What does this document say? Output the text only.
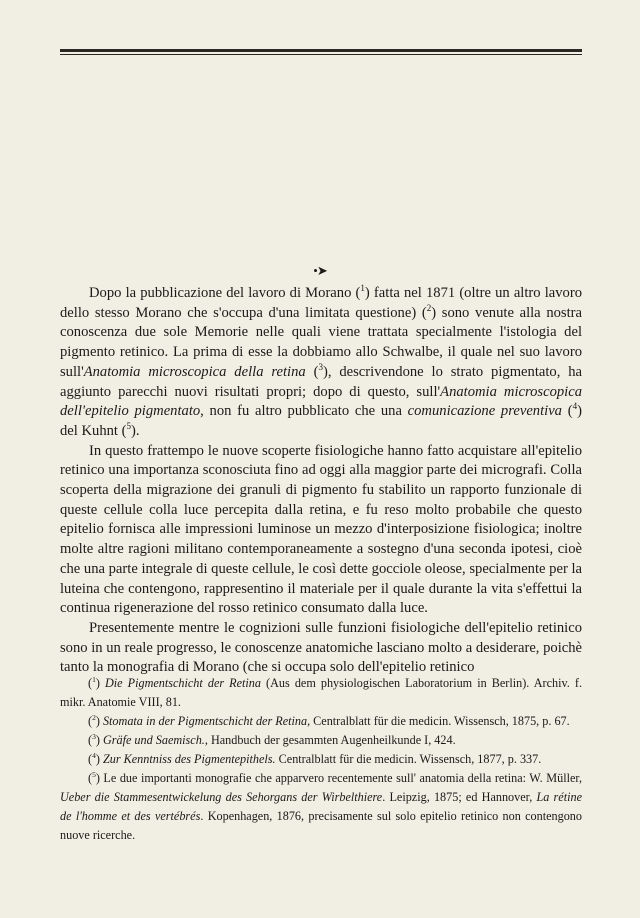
•➤

Dopo la pubblicazione del lavoro di Morano ($^1$) fatta nel 1871 (oltre un altro lavoro dello stesso Morano che s'occupa d'una limitata questione) ($^2$) sono venute alla nostra conoscenza due sole Memorie nelle quali viene trattata specialmente l'istologia del pigmento retinico. La prima di esse la dobbiamo allo Schwalbe, il quale nel suo lavoro sull'Anatomia microscopica della retina ($^3$), descrivendone lo strato pigmentato, ha aggiunto parecchi nuovi risultati propri; dopo di questo, sull'Anatomia microscopica dell'epitelio pigmentato, non fu altro pubblicato che una comunicazione preventiva ($^4$) del Kuhnt ($^5$).

In questo frattempo le nuove scoperte fisiologiche hanno fatto acquistare all'epitelio retinico una importanza sconosciuta fino ad oggi alla maggior parte dei micrografi. Colla scoperta della migrazione dei granuli di pigmento fu stabilito un rapporto funzionale di queste cellule colla luce percepita dalla retina, e fu reso molto probabile che questo epitelio fornisca alle impressioni luminose un mezzo d'interposizione fisiologica; inoltre molte altre ragioni militano contemporaneamente a sostegno d'una seconda ipotesi, cioè che una parte integrale di queste cellule, le così dette gocciole oleose, specialmente per la luteina che contengono, rappresentino il materiale per il quale durante la vita s'effettui la continua rigenerazione del rosso retinico consumato dalla luce.

Presentemente mentre le cognizioni sulle funzioni fisiologiche dell'epitelio retinico sono in un reale progresso, le conoscenze anatomiche lasciano molto a desiderare, poichè tanto la monografia di Morano (che si occupa solo dell'epitelio retinico

($^1$) Die Pigmentschicht der Retina (Aus dem physiologischen Laboratorium in Berlin). Archiv. f. mikr. Anatomie VIII, 81.

($^2$) Stomata in der Pigmentschicht der Retina, Centralblatt für die medicin. Wissensch, 1875, p. 67.

($^3$) Gräfe und Saemisch., Handbuch der gesammten Augenheilkunde I, 424.

($^4$) Zur Kenntniss des Pigmentepithels. Centralblatt für die medicin. Wissensch, 1877, p. 337.

($^5$) Le due importanti monografie che apparvero recentemente sull' anatomia della retina: W. Müller, Ueber die Stammesentwickelung des Sehorgans der Wirbelthiere. Leipzig, 1875; ed Hannover, La rétine de l'homme et des vertébrés. Kopenhagen, 1876, precisamente sul solo epitelio retinico non contengono nuove ricerche.
